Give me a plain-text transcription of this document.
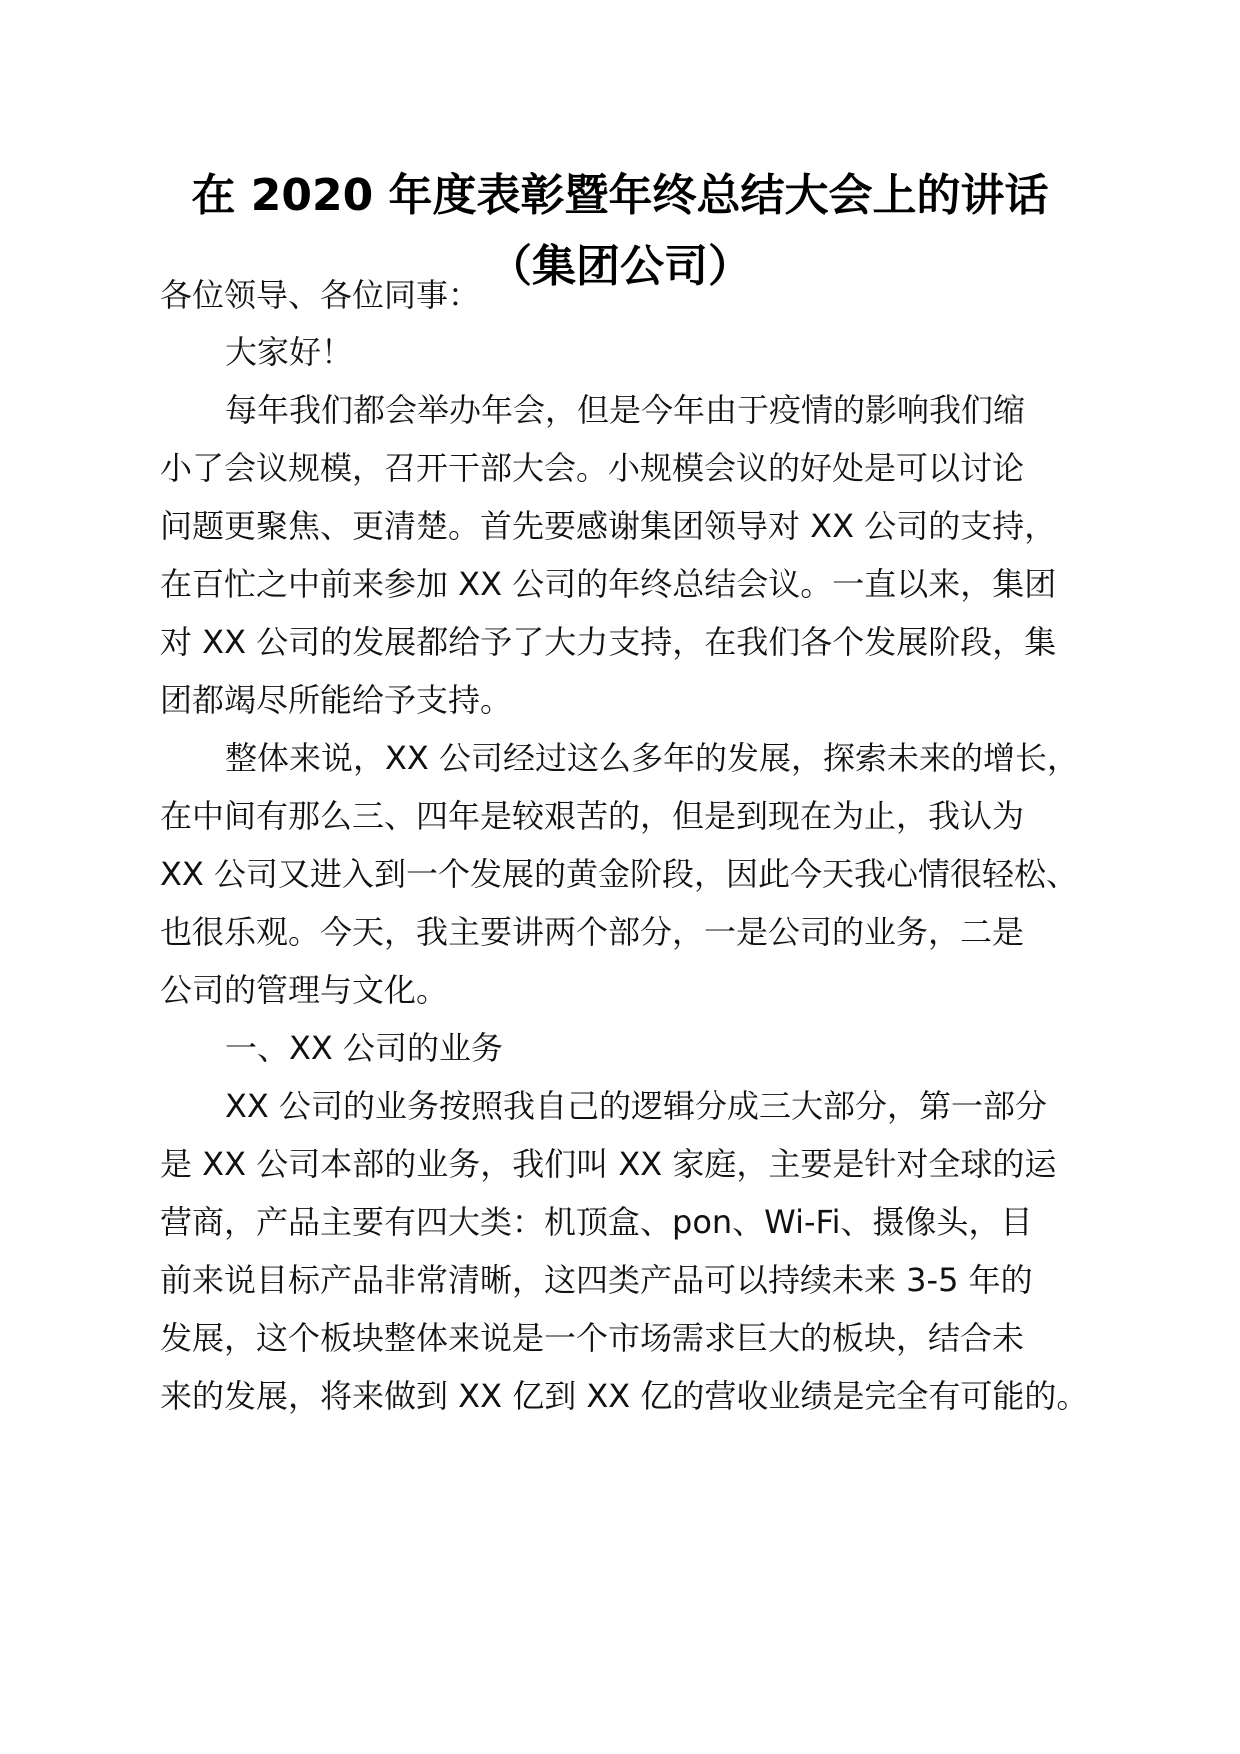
在 2020 年度表彰暨年终总结大会上的讲话
（集团公司）
各位领导、各位同事：
大家好！
每年我们都会举办年会，但是今年由于疫情的影响我们缩
小了会议规模，召开干部大会。小规模会议的好处是可以讨论
问题更聚焦、更清楚。首先要感谢集团领导对 XX 公司的支持，
在百忙之中前来参加 XX 公司的年终总结会议。一直以来，集团
对 XX 公司的发展都给予了大力支持，在我们各个发展阶段，集
团都竭尽所能给予支持。
整体来说，XX 公司经过这么多年的发展，探索未来的增长，
在中间有那么三、四年是较艰苦的，但是到现在为止，我认为
XX 公司又进入到一个发展的黄金阶段，因此今天我心情很轻松、
也很乐观。今天，我主要讲两个部分，一是公司的业务，二是
公司的管理与文化。
一、XX 公司的业务
XX 公司的业务按照我自己的逻辑分成三大部分，第一部分
是 XX 公司本部的业务，我们叫 XX 家庭，主要是针对全球的运
营商，产品主要有四大类：机顶盒、pon、Wi-Fi、摄像头，目
前来说目标产品非常清晰，这四类产品可以持续未来 3-5 年的
发展，这个板块整体来说是一个市场需求巨大的板块，结合未
来的发展，将来做到 XX 亿到 XX 亿的营收业绩是完全有可能的。
